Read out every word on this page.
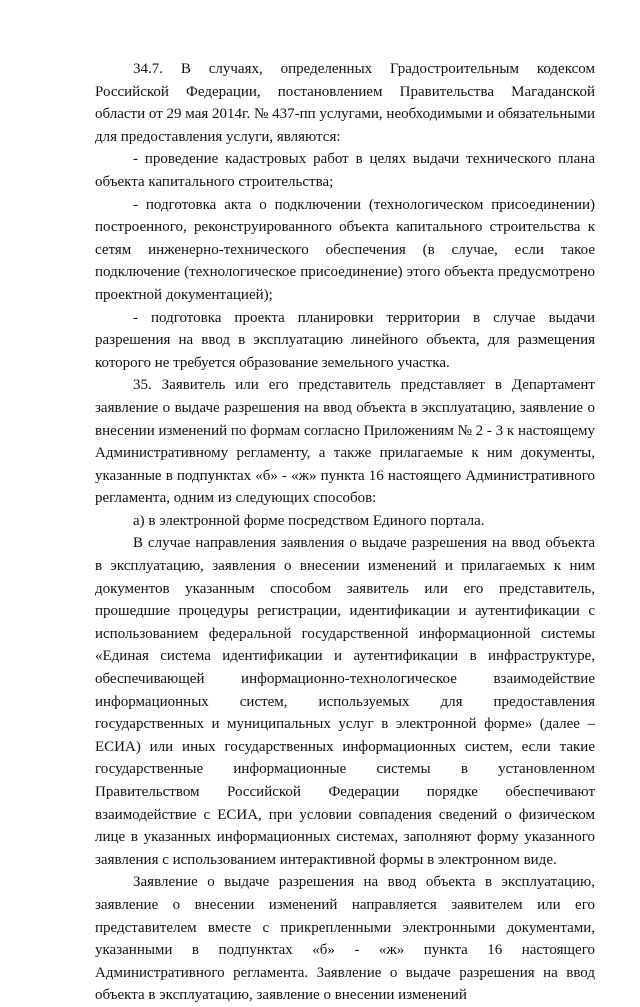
34.7. В случаях, определенных Градостроительным кодексом Российской Федерации, постановлением Правительства Магаданской области от 29 мая 2014г. № 437-пп услугами, необходимыми и обязательными для предоставления услуги, являются:

- проведение кадастровых работ в целях выдачи технического плана объекта капитального строительства;

- подготовка акта о подключении (технологическом присоединении) построенного, реконструированного объекта капитального строительства к сетям инженерно-технического обеспечения (в случае, если такое подключение (технологическое присоединение) этого объекта предусмотрено проектной документацией);

- подготовка проекта планировки территории в случае выдачи разрешения на ввод в эксплуатацию линейного объекта, для размещения которого не требуется образование земельного участка.

35. Заявитель или его представитель представляет в Департамент заявление о выдаче разрешения на ввод объекта в эксплуатацию, заявление о внесении изменений по формам согласно Приложениям № 2 - 3 к настоящему Административному регламенту, а также прилагаемые к ним документы, указанные в подпунктах «б» - «ж» пункта 16 настоящего Административного регламента, одним из следующих способов:

а) в электронной форме посредством Единого портала.

В случае направления заявления о выдаче разрешения на ввод объекта в эксплуатацию, заявления о внесении изменений и прилагаемых к ним документов указанным способом заявитель или его представитель, прошедшие процедуры регистрации, идентификации и аутентификации с использованием федеральной государственной информационной системы «Единая система идентификации и аутентификации в инфраструктуре, обеспечивающей информационно-технологическое взаимодействие информационных систем, используемых для предоставления государственных и муниципальных услуг в электронной форме» (далее – ЕСИА) или иных государственных информационных систем, если такие государственные информационные системы в установленном Правительством Российской Федерации порядке обеспечивают взаимодействие с ЕСИА, при условии совпадения сведений о физическом лице в указанных информационных системах, заполняют форму указанного заявления с использованием интерактивной формы в электронном виде.

Заявление о выдаче разрешения на ввод объекта в эксплуатацию, заявление о внесении изменений направляется заявителем или его представителем вместе с прикрепленными электронными документами, указанными в подпунктах «б» - «ж» пункта 16 настоящего Административного регламента. Заявление о выдаче разрешения на ввод объекта в эксплуатацию, заявление о внесении изменений
